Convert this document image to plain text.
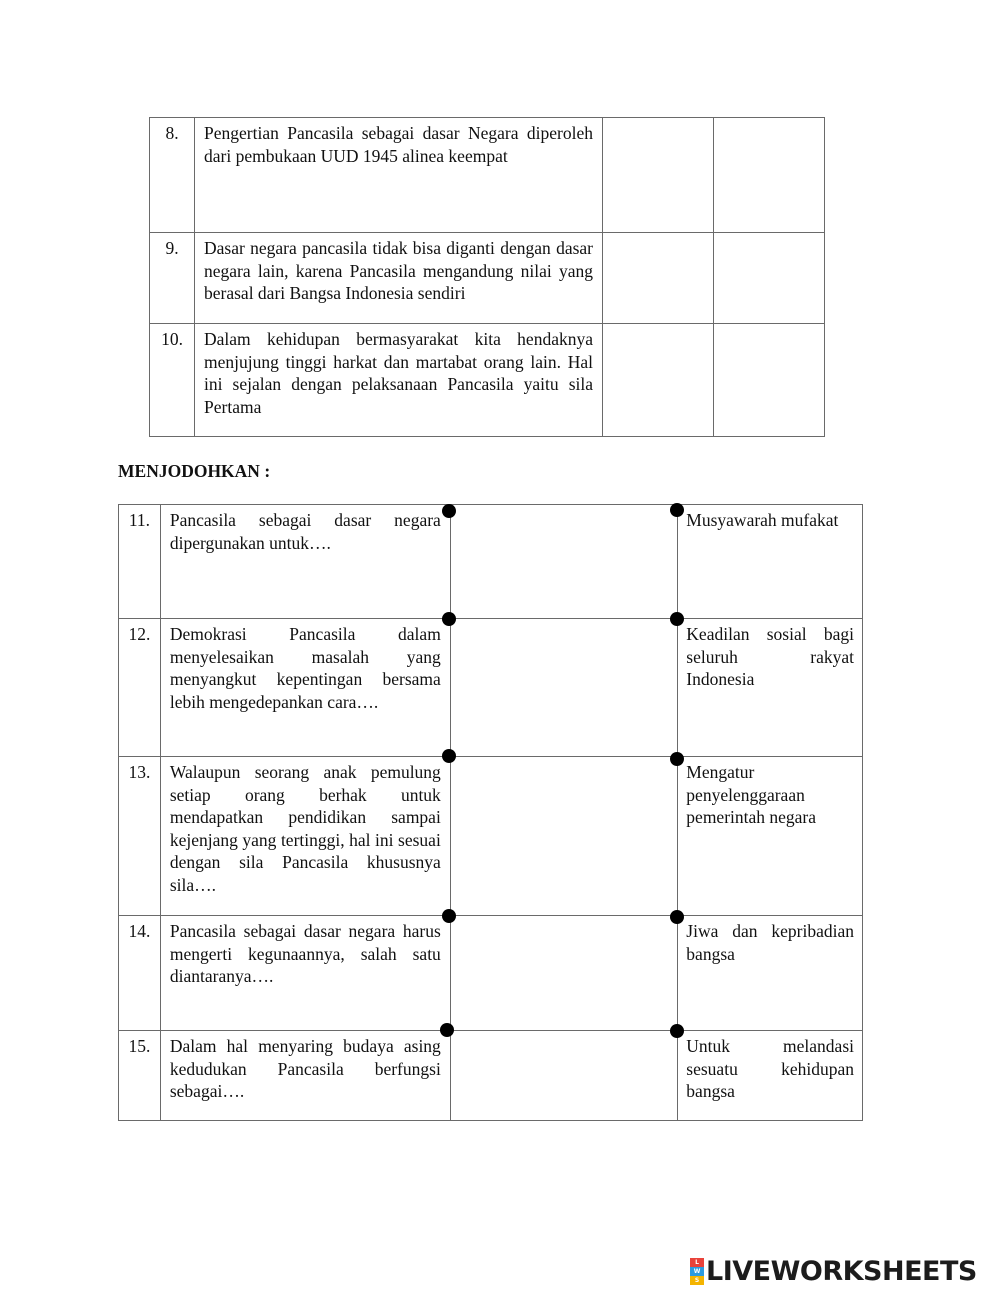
8.	Pengertian Pancasila sebagai dasar Negara diperoleh dari pembukaan UUD 1945 alinea keempat		
9.	Dasar negara pancasila tidak bisa diganti dengan dasar negara lain, karena Pancasila mengandung nilai yang berasal dari Bangsa Indonesia sendiri		
10.	Dalam kehidupan bermasyarakat kita hendaknya menjujung tinggi harkat dan martabat orang lain. Hal ini sejalan dengan pelaksanaan Pancasila yaitu sila Pertama		
MENJODOHKAN :
11.	Pancasila sebagai dasar negara dipergunakan untuk….		Musyawarah mufakat
12.	Demokrasi Pancasila dalam menyelesaikan masalah yang menyangkut kepentingan bersama lebih mengedepankan cara….		Keadilan sosial bagi seluruh rakyat Indonesia
13.	Walaupun seorang anak pemulung setiap orang berhak untuk mendapatkan pendidikan sampai kejenjang yang tertinggi, hal ini sesuai dengan sila Pancasila khususnya sila….		Mengatur penyelenggaraan pemerintah negara
14.	Pancasila sebagai dasar negara harus mengerti kegunaannya, salah satu diantaranya….		Jiwa dan kepribadian bangsa
15.	Dalam hal menyaring budaya asing kedudukan Pancasila berfungsi sebagai….		Untuk melandasi sesuatu kehidupan bangsa
L
W
S LIVEWORKSHEETS
